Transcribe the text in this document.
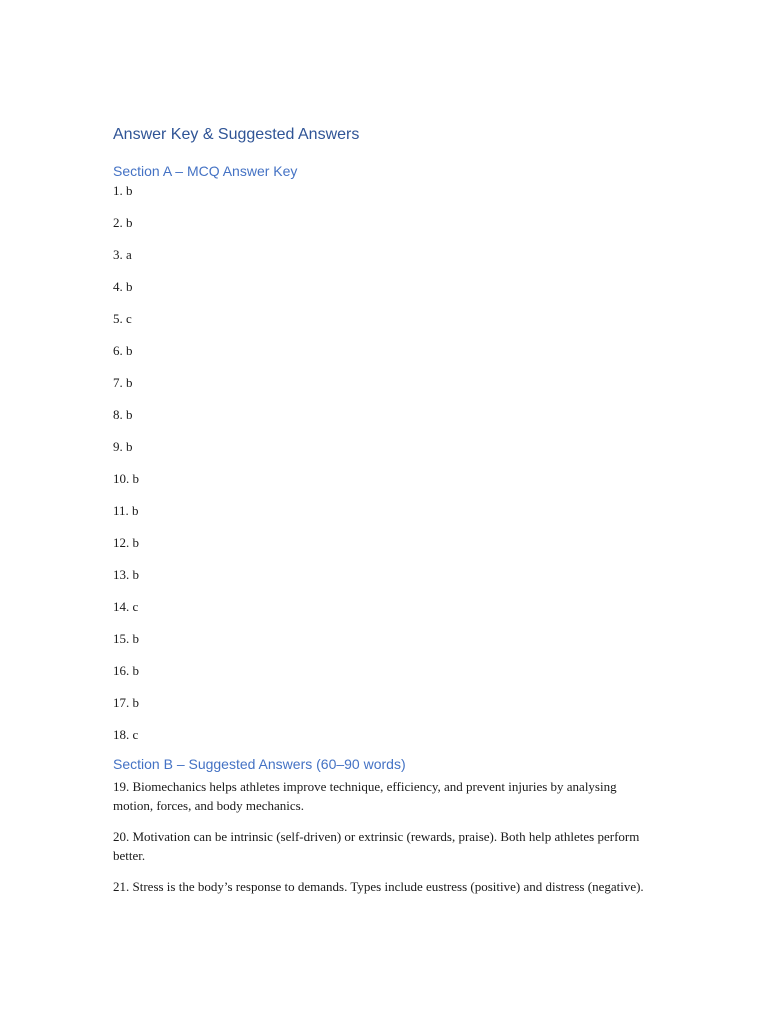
Answer Key & Suggested Answers
Section A – MCQ Answer Key
1. b
2. b
3. a
4. b
5. c
6. b
7. b
8. b
9. b
10. b
11. b
12. b
13. b
14. c
15. b
16. b
17. b
18. c
Section B – Suggested Answers (60–90 words)

19. Biomechanics helps athletes improve technique, efficiency, and prevent injuries by analysing motion, forces, and body mechanics.

20. Motivation can be intrinsic (self-driven) or extrinsic (rewards, praise). Both help athletes perform better.

21. Stress is the body’s response to demands. Types include eustress (positive) and distress (negative).
